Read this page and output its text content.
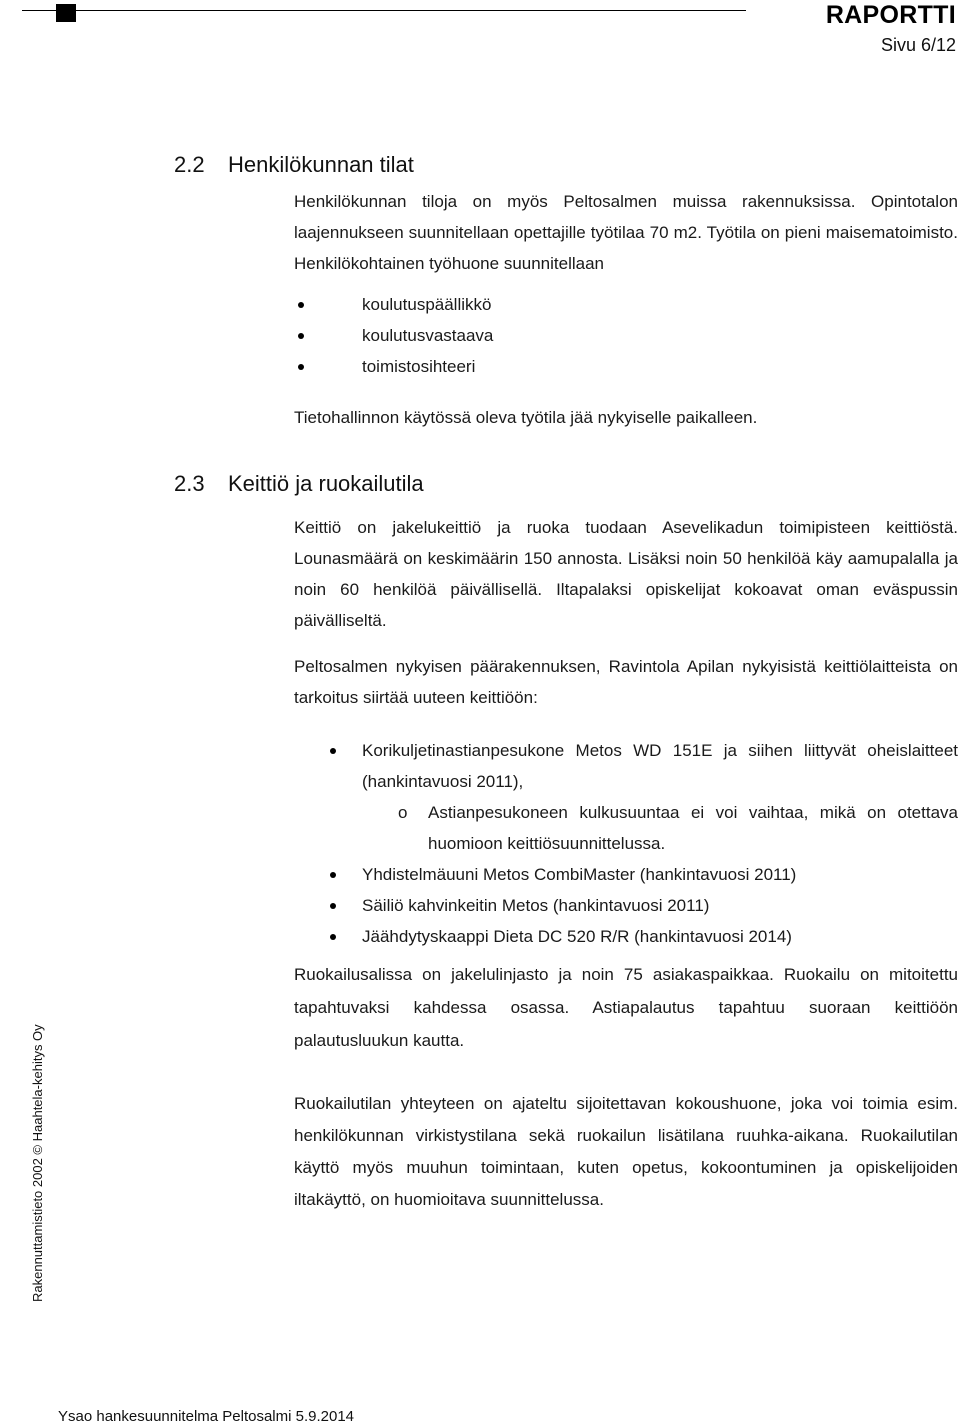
RAPORTTI
Sivu 6/12
2.2 Henkilökunnan tilat

Henkilökunnan tiloja on myös Peltosalmen muissa rakennuksissa. Opintotalon laajennukseen suunnitellaan opettajille työtilaa 70 m2. Työtila on pieni maisematoimisto. Henkilökohtainen työhuone suunnitellaan

koulutuspäällikkö
koulutusvastaava
toimistosihteeri

Tietohallinnon käytössä oleva työtila jää nykyiselle paikalleen.

2.3 Keittiö ja ruokailutila

Keittiö on jakelukeittiö ja ruoka tuodaan Asevelikadun toimipisteen keittiöstä. Lounasmäärä on keskimäärin 150 annosta. Lisäksi noin 50 henkilöä käy aamupalalla ja noin 60 henkilöä päivällisellä. Iltapalaksi opiskelijat kokoavat oman eväspussin päivälliseltä.

Peltosalmen nykyisen päärakennuksen, Ravintola Apilan nykyisistä keittiölaitteista on tarkoitus siirtää uuteen keittiöön:

Korikuljetinastianpesukone Metos WD 151E ja siihen liittyvät oheislaitteet (hankintavuosi 2011),
o Astianpesukoneen kulkusuuntaa ei voi vaihtaa, mikä on otettava huomioon keittiösuunnittelussa.
Yhdistelmäuuni Metos CombiMaster (hankintavuosi 2011)
Säiliö kahvinkeitin Metos (hankintavuosi 2011)
Jäähdytyskaappi Dieta DC 520 R/R (hankintavuosi 2014)

Ruokailusalissa on jakelulinjasto ja noin 75 asiakaspaikkaa. Ruokailu on mitoitettu tapahtuvaksi kahdessa osassa. Astiapalautus tapahtuu suoraan keittiöön palautusluukun kautta.

Ruokailutilan yhteyteen on ajateltu sijoitettavan kokoushuone, joka voi toimia esim. henkilökunnan virkistystilana sekä ruokailun lisätilana ruuhka-aikana. Ruokailutilan käyttö myös muuhun toimintaan, kuten opetus, kokoontuminen ja opiskelijoiden iltakäyttö, on huomioitava suunnittelussa.

Rakennuttamistieto 2002 © Haahtela-kehitys Oy
Ysao hankesuunnitelma Peltosalmi 5.9.2014
